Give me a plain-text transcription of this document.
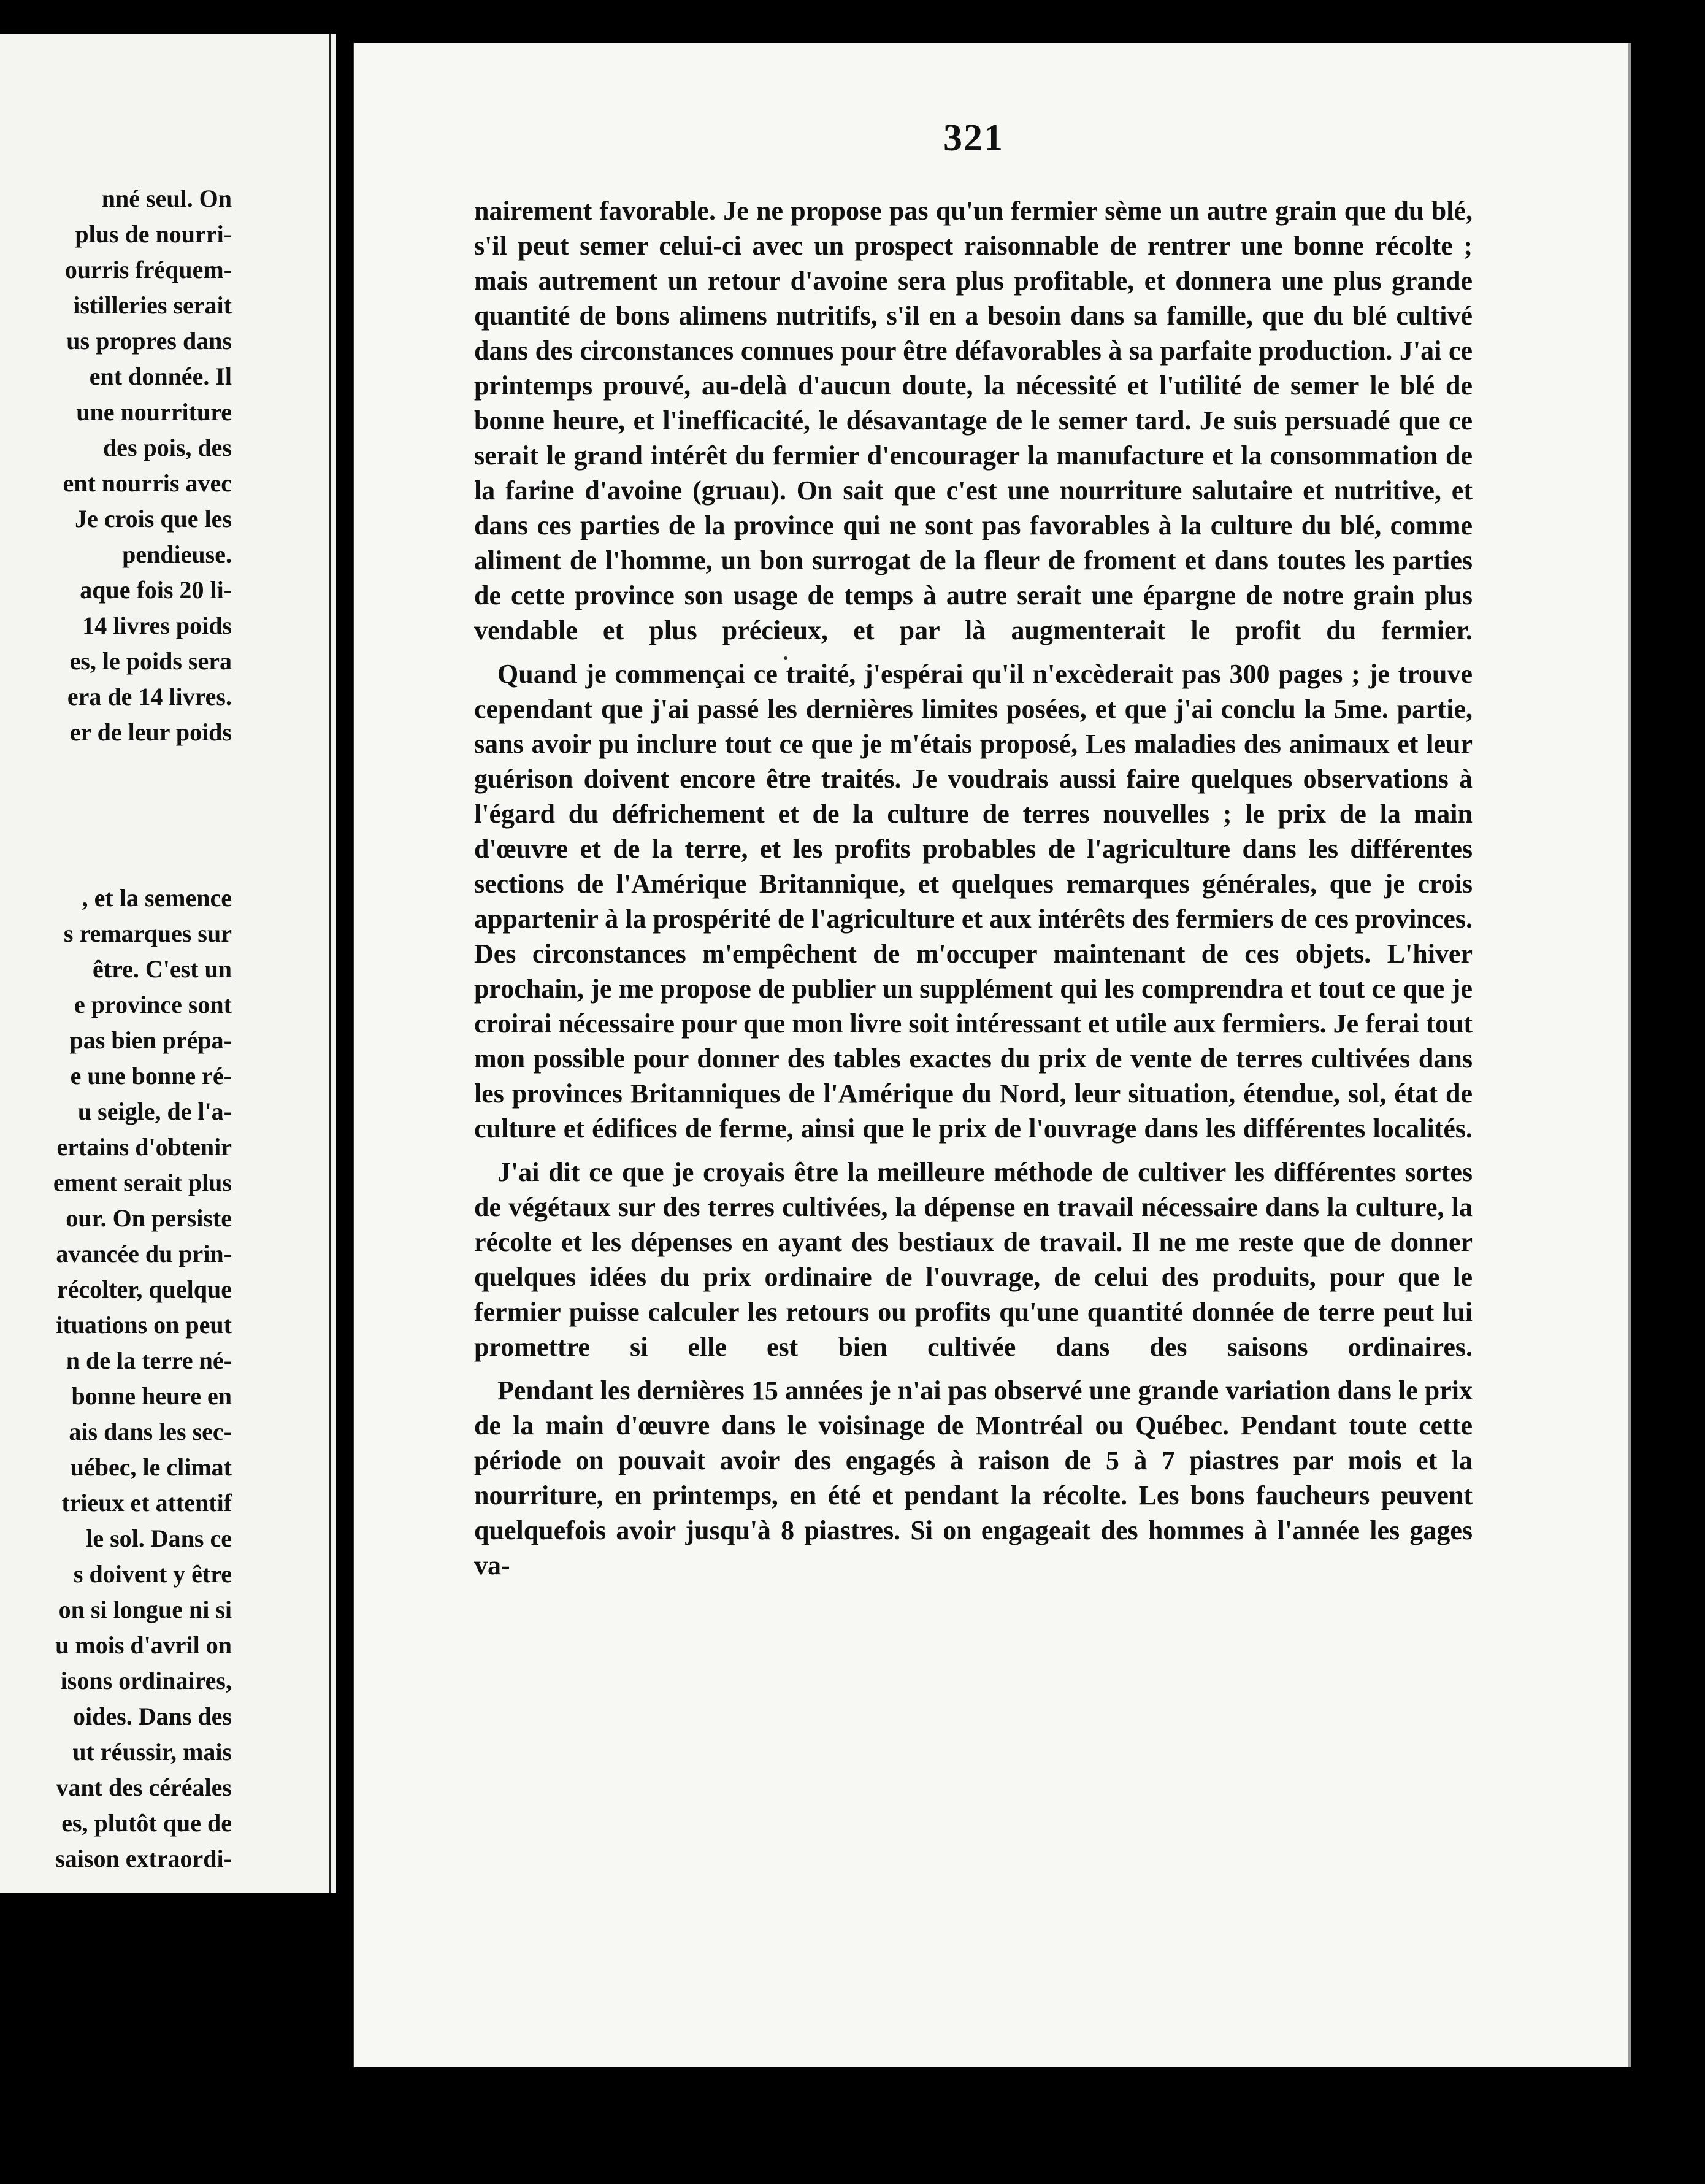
nné seul. On
plus de nourri-
ourris fréquem-
istilleries serait
us propres dans
ent donnée. Il
une nourriture
des pois, des
ent nourris avec
Je crois que les
pendieuse.
aque fois 20 li-
14 livres poids
es, le poids sera
era de 14 livres.
er de leur poids
, et la semence
s remarques sur
être. C'est un
e province sont
pas bien prépa-
e une bonne ré-
u seigle, de l'a-
ertains d'obtenir
ement serait plus
our. On persiste
avancée du prin-
récolter, quelque
ituations on peut
n de la terre né-
bonne heure en
ais dans les sec-
uébec, le climat
trieux et attentif
le sol. Dans ce
s doivent y être
on si longue ni si
u mois d'avril on
isons ordinaires,
oides. Dans des
ut réussir, mais
vant des céréales
es, plutôt que de
saison extraordi-
321

nairement favorable. Je ne propose pas qu'un fermier sème un autre grain que du blé, s'il peut semer celui-ci avec un prospect raisonnable de rentrer une bonne récolte ; mais autrement un retour d'avoine sera plus profitable, et donnera une plus grande quantité de bons alimens nutritifs, s'il en a besoin dans sa famille, que du blé cultivé dans des circonstances connues pour être défavorables à sa parfaite production. J'ai ce printemps prouvé, au-delà d'aucun doute, la nécessité et l'utilité de semer le blé de bonne heure, et l'inefficacité, le désavantage de le semer tard. Je suis persuadé que ce serait le grand intérêt du fermier d'encourager la manufacture et la consommation de la farine d'avoine (gruau). On sait que c'est une nourriture salutaire et nutritive, et dans ces parties de la province qui ne sont pas favorables à la culture du blé, comme aliment de l'homme, un bon surrogat de la fleur de froment et dans toutes les parties de cette province son usage de temps à autre serait une épargne de notre grain plus vendable et plus précieux, et par là augmenterait le profit du fermier.

Quand je commençai ce traité, j'espérai qu'il n'excèderait pas 300 pages ; je trouve cependant que j'ai passé les dernières limites posées, et que j'ai conclu la 5me. partie, sans avoir pu inclure tout ce que je m'étais proposé, Les maladies des animaux et leur guérison doivent encore être traités. Je voudrais aussi faire quelques observations à l'égard du défrichement et de la culture de terres nouvelles ; le prix de la main d'œuvre et de la terre, et les profits probables de l'agriculture dans les différentes sections de l'Amérique Britannique, et quelques remarques générales, que je crois appartenir à la prospérité de l'agriculture et aux intérêts des fermiers de ces provinces. Des circonstances m'empêchent de m'occuper maintenant de ces objets. L'hiver prochain, je me propose de publier un supplément qui les comprendra et tout ce que je croirai nécessaire pour que mon livre soit intéressant et utile aux fermiers. Je ferai tout mon possible pour donner des tables exactes du prix de vente de terres cultivées dans les provinces Britanniques de l'Amérique du Nord, leur situation, étendue, sol, état de culture et édifices de ferme, ainsi que le prix de l'ouvrage dans les différentes localités.

J'ai dit ce que je croyais être la meilleure méthode de cultiver les différentes sortes de végétaux sur des terres cultivées, la dépense en travail nécessaire dans la culture, la récolte et les dépenses en ayant des bestiaux de travail. Il ne me reste que de donner quelques idées du prix ordinaire de l'ouvrage, de celui des produits, pour que le fermier puisse calculer les retours ou profits qu'une quantité donnée de terre peut lui promettre si elle est bien cultivée dans des saisons ordinaires.

Pendant les dernières 15 années je n'ai pas observé une grande variation dans le prix de la main d'œuvre dans le voisinage de Montréal ou Québec. Pendant toute cette période on pouvait avoir des engagés à raison de 5 à 7 piastres par mois et la nourriture, en printemps, en été et pendant la récolte. Les bons faucheurs peuvent quelquefois avoir jusqu'à 8 piastres. Si on engageait des hommes à l'année les gages va-
